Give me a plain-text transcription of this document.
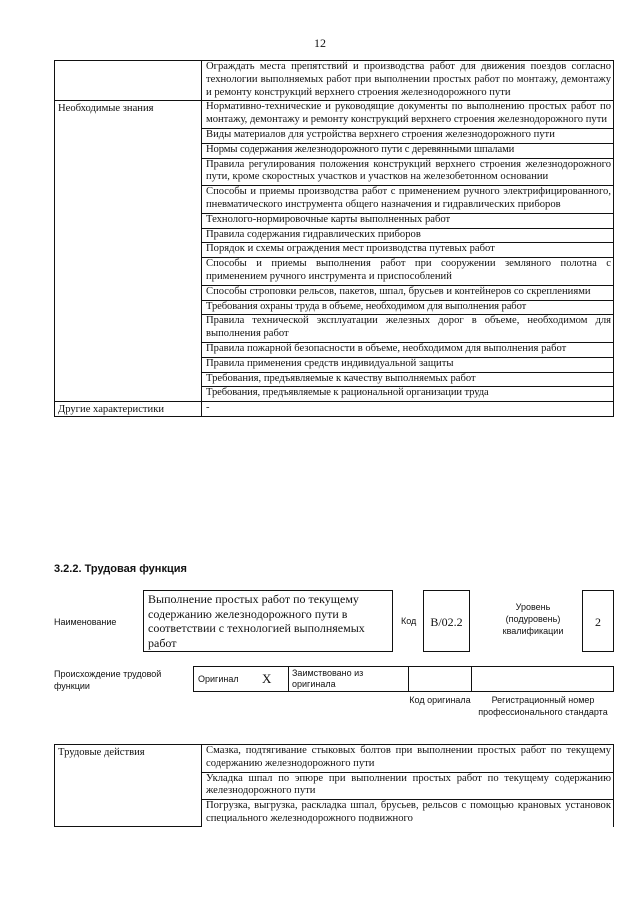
12
	Ограждать места препятствий и производства работ для движения поездов согласно технологии выполняемых работ при выполнении простых работ по монтажу, демонтажу и ремонту конструкций верхнего строения железнодорожного пути
Необходимые знания	Нормативно-технические и руководящие документы по выполнению простых работ по монтажу, демонтажу и ремонту конструкций верхнего строения железнодорожного пути
	Виды материалов для устройства верхнего строения железнодорожного пути
	Нормы содержания железнодорожного пути с деревянными шпалами
	Правила регулирования положения конструкций верхнего строения железнодорожного пути, кроме скоростных участков и участков на железобетонном основании
	Способы и приемы производства работ с применением ручного электрифицированного, пневматического инструмента общего назначения и гидравлических приборов
	Технолого-нормировочные карты выполненных работ
	Правила содержания гидравлических приборов
	Порядок и схемы ограждения мест производства путевых работ
	Способы и приемы выполнения работ при сооружении земляного полотна с применением ручного инструмента и приспособлений
	Способы строповки рельсов, пакетов, шпал, брусьев и контейнеров со скреплениями
	Требования охраны труда в объеме, необходимом для выполнения работ
	Правила технической эксплуатации железных дорог в объеме, необходимом для выполнения работ
	Правила пожарной безопасности в объеме, необходимом для выполнения работ
	Правила применения средств индивидуальной защиты
	Требования, предъявляемые к качеству выполняемых работ
	Требования, предъявляемые к рациональной организации труда
Другие характеристики	-
3.2.2. Трудовая функция
Наименование
Выполнение простых работ по текущему содержанию железнодорожного пути в соответствии с технологией выполняемых работ
Код	В/02.2
Уровень (подуровень) квалификации
2
Происхождение трудовой функции
Оригинал Х	Заимствовано из оригинала
Код оригинала	Регистрационный номер профессионального стандарта
Трудовые действия	Смазка, подтягивание стыковых болтов при выполнении простых работ по текущему содержанию железнодорожного пути
Укладка шпал по эпюре при выполнении простых работ по текущему содержанию железнодорожного пути
Погрузка, выгрузка, раскладка шпал, брусьев, рельсов с помощью крановых установок специального железнодорожного подвижного
